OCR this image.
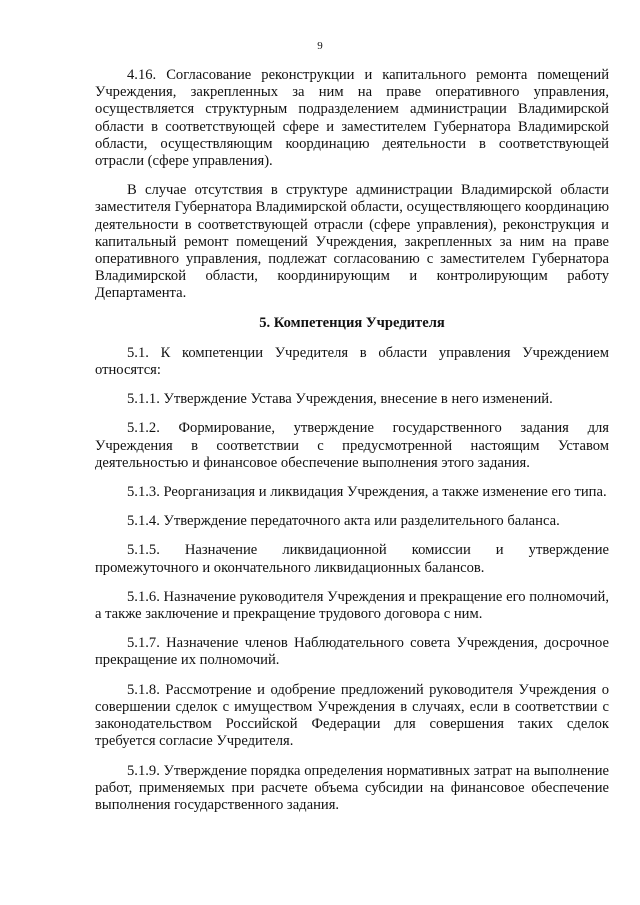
9

4.16. Согласование реконструкции и капитального ремонта помещений Учреждения, закрепленных за ним на праве оперативного управления, осуществляется структурным подразделением администрации Владимирской области в соответствующей сфере и заместителем Губернатора Владимирской области, осуществляющим координацию деятельности в соответствующей отрасли (сфере управления).

В случае отсутствия в структуре администрации Владимирской области заместителя Губернатора Владимирской области, осуществляющего координацию деятельности в соответствующей отрасли (сфере управления), реконструкция и капитальный ремонт помещений Учреждения, закрепленных за ним на праве оперативного управления, подлежат согласованию с заместителем Губернатора Владимирской области, координирующим и контролирующим работу Департамента.

5. Компетенция Учредителя

5.1. К компетенции Учредителя в области управления Учреждением относятся:

5.1.1. Утверждение Устава Учреждения, внесение в него изменений.

5.1.2. Формирование, утверждение государственного задания для Учреждения в соответствии с предусмотренной настоящим Уставом деятельностью и финансовое обеспечение выполнения этого задания.

5.1.3. Реорганизация и ликвидация Учреждения, а также изменение его типа.

5.1.4. Утверждение передаточного акта или разделительного баланса.

5.1.5. Назначение ликвидационной комиссии и утверждение промежуточного и окончательного ликвидационных балансов.

5.1.6. Назначение руководителя Учреждения и прекращение его полномочий, а также заключение и прекращение трудового договора с ним.

5.1.7. Назначение членов Наблюдательного совета Учреждения, досрочное прекращение их полномочий.

5.1.8. Рассмотрение и одобрение предложений руководителя Учреждения о совершении сделок с имуществом Учреждения в случаях, если в соответствии с законодательством Российской Федерации для совершения таких сделок требуется согласие Учредителя.

5.1.9. Утверждение порядка определения нормативных затрат на выполнение работ, применяемых при расчете объема субсидии на финансовое обеспечение выполнения государственного задания.
